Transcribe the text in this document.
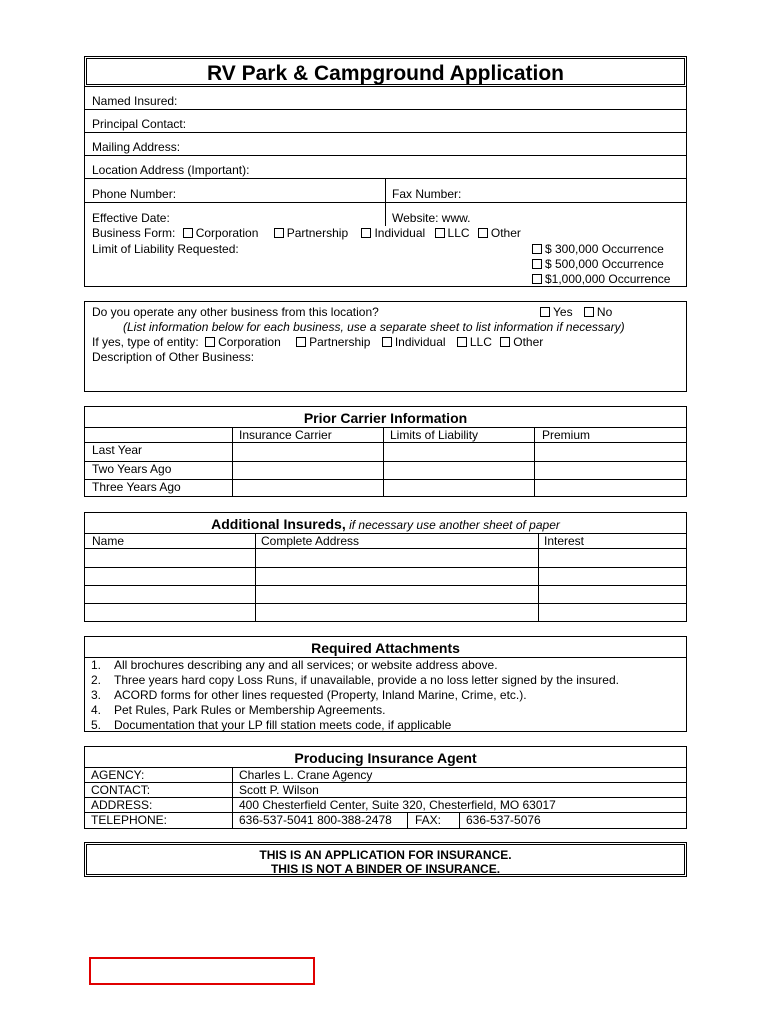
RV Park & Campground Application
Named Insured:
Principal Contact:
Mailing Address:
Location Address (Important):
Phone Number:	Fax Number:
Effective Date:	Website: www.
Business Form: Corporation Partnership Individual LLC Other
Limit of Liability Requested:	$ 300,000 Occurrence
$ 500,000 Occurrence
$1,000,000 Occurrence
Do you operate any other business from this location?	Yes No
(List information below for each business, use a separate sheet to list information if necessary)
If yes, type of entity: Corporation Partnership Individual LLC Other
Description of Other Business:
Prior Carrier Information
Insurance Carrier	Limits of Liability	Premium
Last Year
Two Years Ago
Three Years Ago
Additional Insureds, if necessary use another sheet of paper
Name	Complete Address	Interest
Required Attachments
1. All brochures describing any and all services; or website address above.
2. Three years hard copy Loss Runs, if unavailable, provide a no loss letter signed by the insured.
3. ACORD forms for other lines requested (Property, Inland Marine, Crime, etc.).
4. Pet Rules, Park Rules or Membership Agreements.
5. Documentation that your LP fill station meets code, if applicable
Producing Insurance Agent
AGENCY:	Charles L. Crane Agency
CONTACT:	Scott P. Wilson
ADDRESS:	400 Chesterfield Center, Suite 320, Chesterfield, MO 63017
TELEPHONE:	636-537-5041 800-388-2478 FAX: 636-537-5076
THIS IS AN APPLICATION FOR INSURANCE.
THIS IS NOT A BINDER OF INSURANCE.
